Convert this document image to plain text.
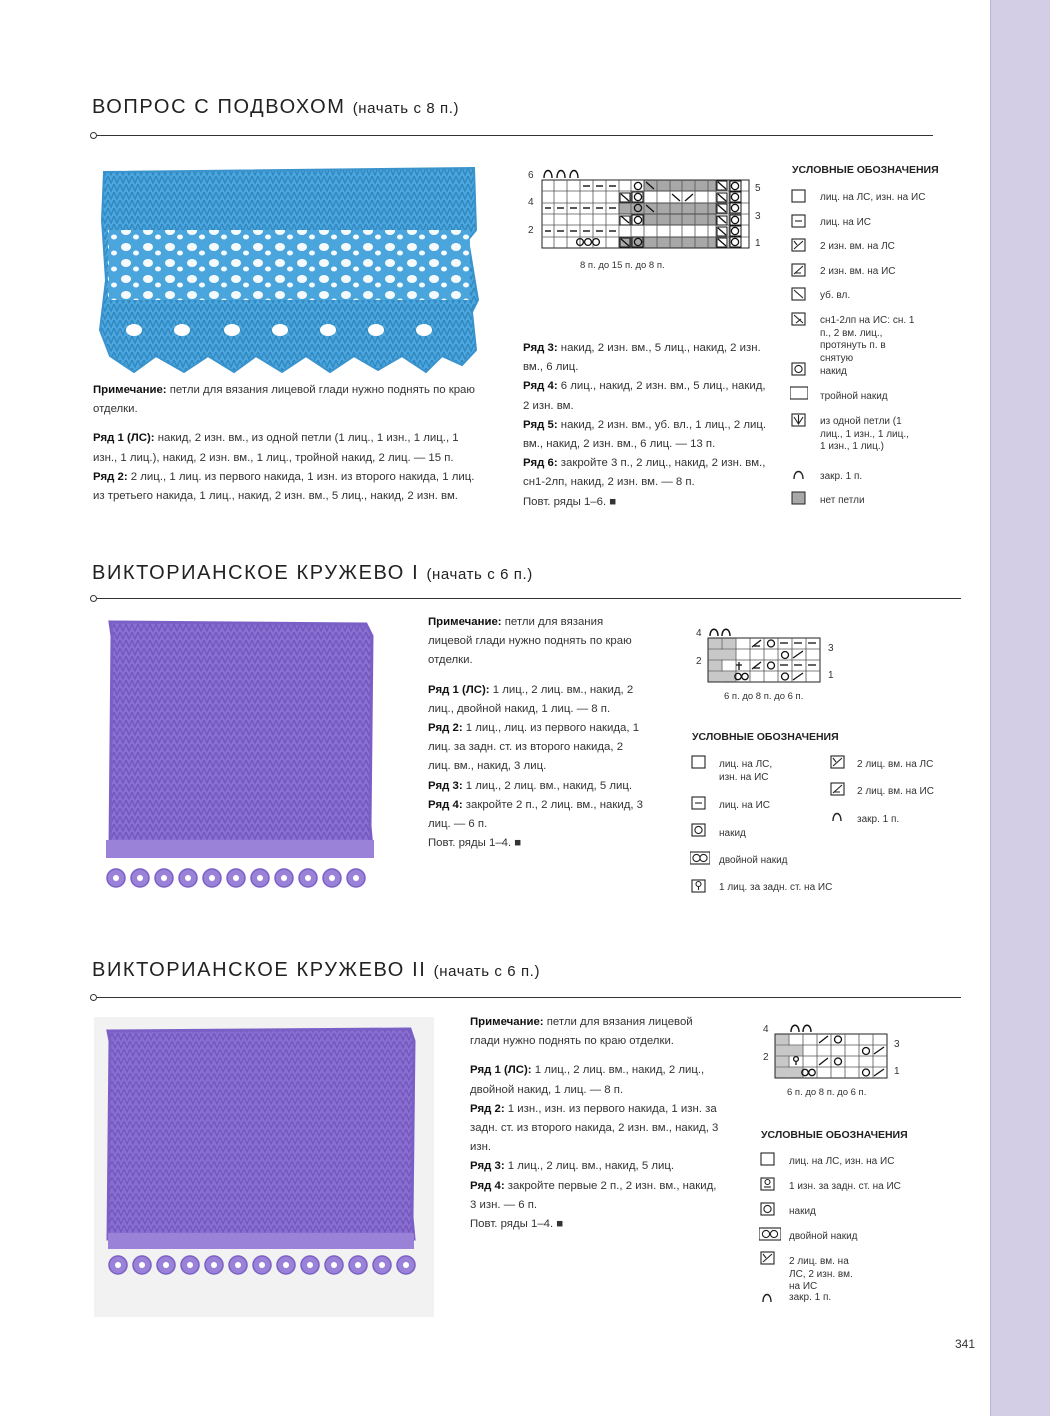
ВОПРОС С ПОДВОХОМ (начать с 8 п.)

Примечание: петли для вязания лицевой глади нужно поднять по краю отделки.

Ряд 1 (ЛС): накид, 2 изн. вм., из одной петли (1 лиц., 1 изн., 1 лиц., 1 изн., 1 лиц.), накид, 2 изн. вм., 1 лиц., тройной накид, 2 лиц. — 15 п.

Ряд 2: 2 лиц., 1 лиц. из первого накида, 1 изн. из второго накида, 1 лиц. из третьего накида, 1 лиц., накид, 2 изн. вм., 5 лиц., накид, 2 изн. вм.

Ряд 3: накид, 2 изн. вм., 5 лиц., накид, 2 изн. вм., 6 лиц.

Ряд 4: 6 лиц., накид, 2 изн. вм., 5 лиц., накид, 2 изн. вм.

Ряд 5: накид, 2 изн. вм., уб. вл., 1 лиц., 2 лиц. вм., накид, 2 изн. вм., 6 лиц. — 13 п.

Ряд 6: закройте 3 п., 2 лиц., накид, 2 изн. вм., сн1-2лп, накид, 2 изн. вм. — 8 п.

Повт. ряды 1–6. ■

6
4
2
5
3
1
8 п. до 15 п. до 8 п.
УСЛОВНЫЕ ОБОЗНАЧЕНИЯ
лиц. на ЛС, изн. на ИС
лиц. на ИС
2 изн. вм. на ЛС
2 изн. вм. на ИС
уб. вл.
сн1-2лп на ИС: сн. 1 п., 2 вм. лиц., протянуть п. в снятую
накид
тройной накид
из одной петли (1 лиц., 1 изн., 1 лиц., 1 изн., 1 лиц.)
закр. 1 п.
нет петли
ВИКТОРИАНСКОЕ КРУЖЕВО I (начать с 6 п.)

Примечание: петли для вязания лицевой глади нужно поднять по краю отделки.

Ряд 1 (ЛС): 1 лиц., 2 лиц. вм., накид, 2 лиц., двойной накид, 1 лиц. — 8 п.

Ряд 2: 1 лиц., лиц. из первого накида, 1 лиц. за задн. ст. из второго накида, 2 лиц. вм., накид, 3 лиц.

Ряд 3: 1 лиц., 2 лиц. вм., накид, 5 лиц.

Ряд 4: закройте 2 п., 2 лиц. вм., накид, 3 лиц. — 6 п.

Повт. ряды 1–4. ■

4
2
3
1
6 п. до 8 п. до 6 п.
УСЛОВНЫЕ ОБОЗНАЧЕНИЯ
лиц. на ЛС, изн. на ИС
лиц. на ИС
накид
двойной накид
1 лиц. за задн. ст. на ИС
2 лиц. вм. на ЛС
2 лиц. вм. на ИС
закр. 1 п.
ВИКТОРИАНСКОЕ КРУЖЕВО II (начать с 6 п.)

Примечание: петли для вязания лицевой глади нужно поднять по краю отделки.

Ряд 1 (ЛС): 1 лиц., 2 лиц. вм., накид, 2 лиц., двойной накид, 1 лиц. — 8 п.

Ряд 2: 1 изн., изн. из первого накида, 1 изн. за задн. ст. из второго накида, 2 изн. вм., накид, 3 изн.

Ряд 3: 1 лиц., 2 лиц. вм., накид, 5 лиц.

Ряд 4: закройте первые 2 п., 2 изн. вм., накид, 3 изн. — 6 п.

Повт. ряды 1–4. ■

4
2
3
1
6 п. до 8 п. до 6 п.
УСЛОВНЫЕ ОБОЗНАЧЕНИЯ
лиц. на ЛС, изн. на ИС
1 изн. за задн. ст. на ИС
накид
двойной накид
2 лиц. вм. на ЛС, 2 изн. вм. на ИС
закр. 1 п.
341
